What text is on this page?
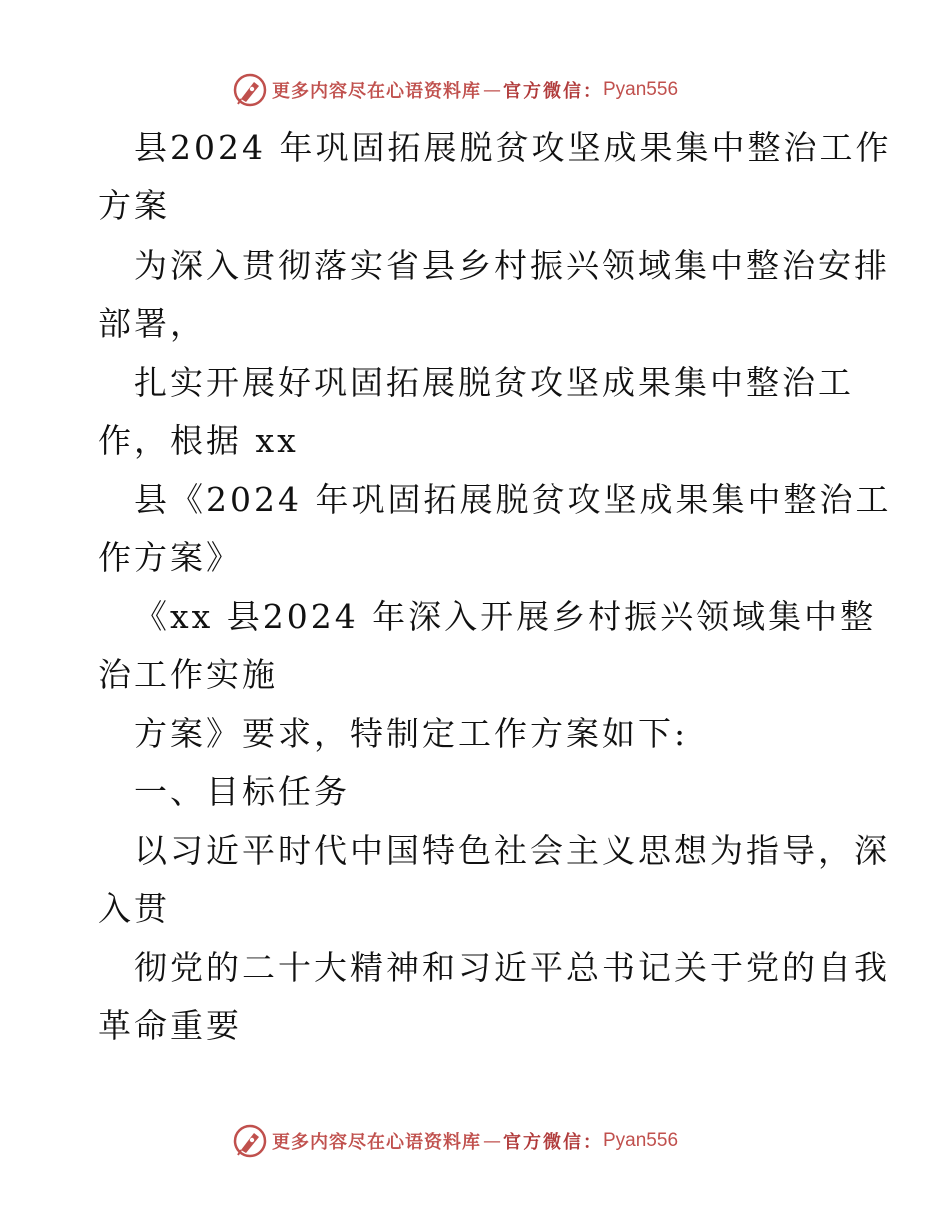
更多内容尽在心语资料库 — 官方微信： Pyan556
县2024 年巩固拓展脱贫攻坚成果集中整治工作
方案
为深入贯彻落实省县乡村振兴领域集中整治安排
部署，
扎实开展好巩固拓展脱贫攻坚成果集中整治工
作，根据 xx
县《2024 年巩固拓展脱贫攻坚成果集中整治工
作方案》
《xx 县2024 年深入开展乡村振兴领域集中整
治工作实施
方案》要求，特制定工作方案如下:
一、目标任务
以习近平时代中国特色社会主义思想为指导，深
入贯
彻党的二十大精神和习近平总书记关于党的自我
革命重要
更多内容尽在心语资料库 — 官方微信： Pyan556
